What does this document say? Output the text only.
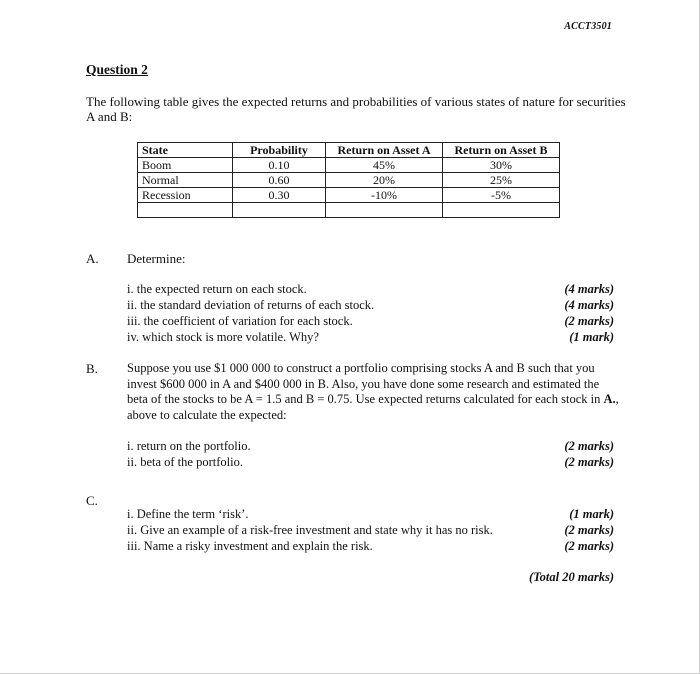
ACCT3501
Question 2
The following table gives the expected returns and probabilities of various states of nature for securities A and B:
State	Probability	Return on Asset A	Return on Asset B
Boom	0.10	45%	30%
Normal	0.60	20%	25%
Recession	0.30	-10%	-5%

A. Determine:
i. the expected return on each stock.	(4 marks)
ii. the standard deviation of returns of each stock.	(4 marks)
iii. the coefficient of variation for each stock.	(2 marks)
iv. which stock is more volatile. Why?	(1 mark)
B. Suppose you use $1 000 000 to construct a portfolio comprising stocks A and B such that you invest $600 000 in A and $400 000 in B. Also, you have done some research and estimated the beta of the stocks to be A = 1.5 and B = 0.75. Use expected returns calculated for each stock in A., above to calculate the expected:
i. return on the portfolio.	(2 marks)
ii. beta of the portfolio.	(2 marks)
C.
i. Define the term ‘risk’.	(1 mark)
ii. Give an example of a risk-free investment and state why it has no risk.	(2 marks)
iii. Name a risky investment and explain the risk.	(2 marks)
(Total 20 marks)
